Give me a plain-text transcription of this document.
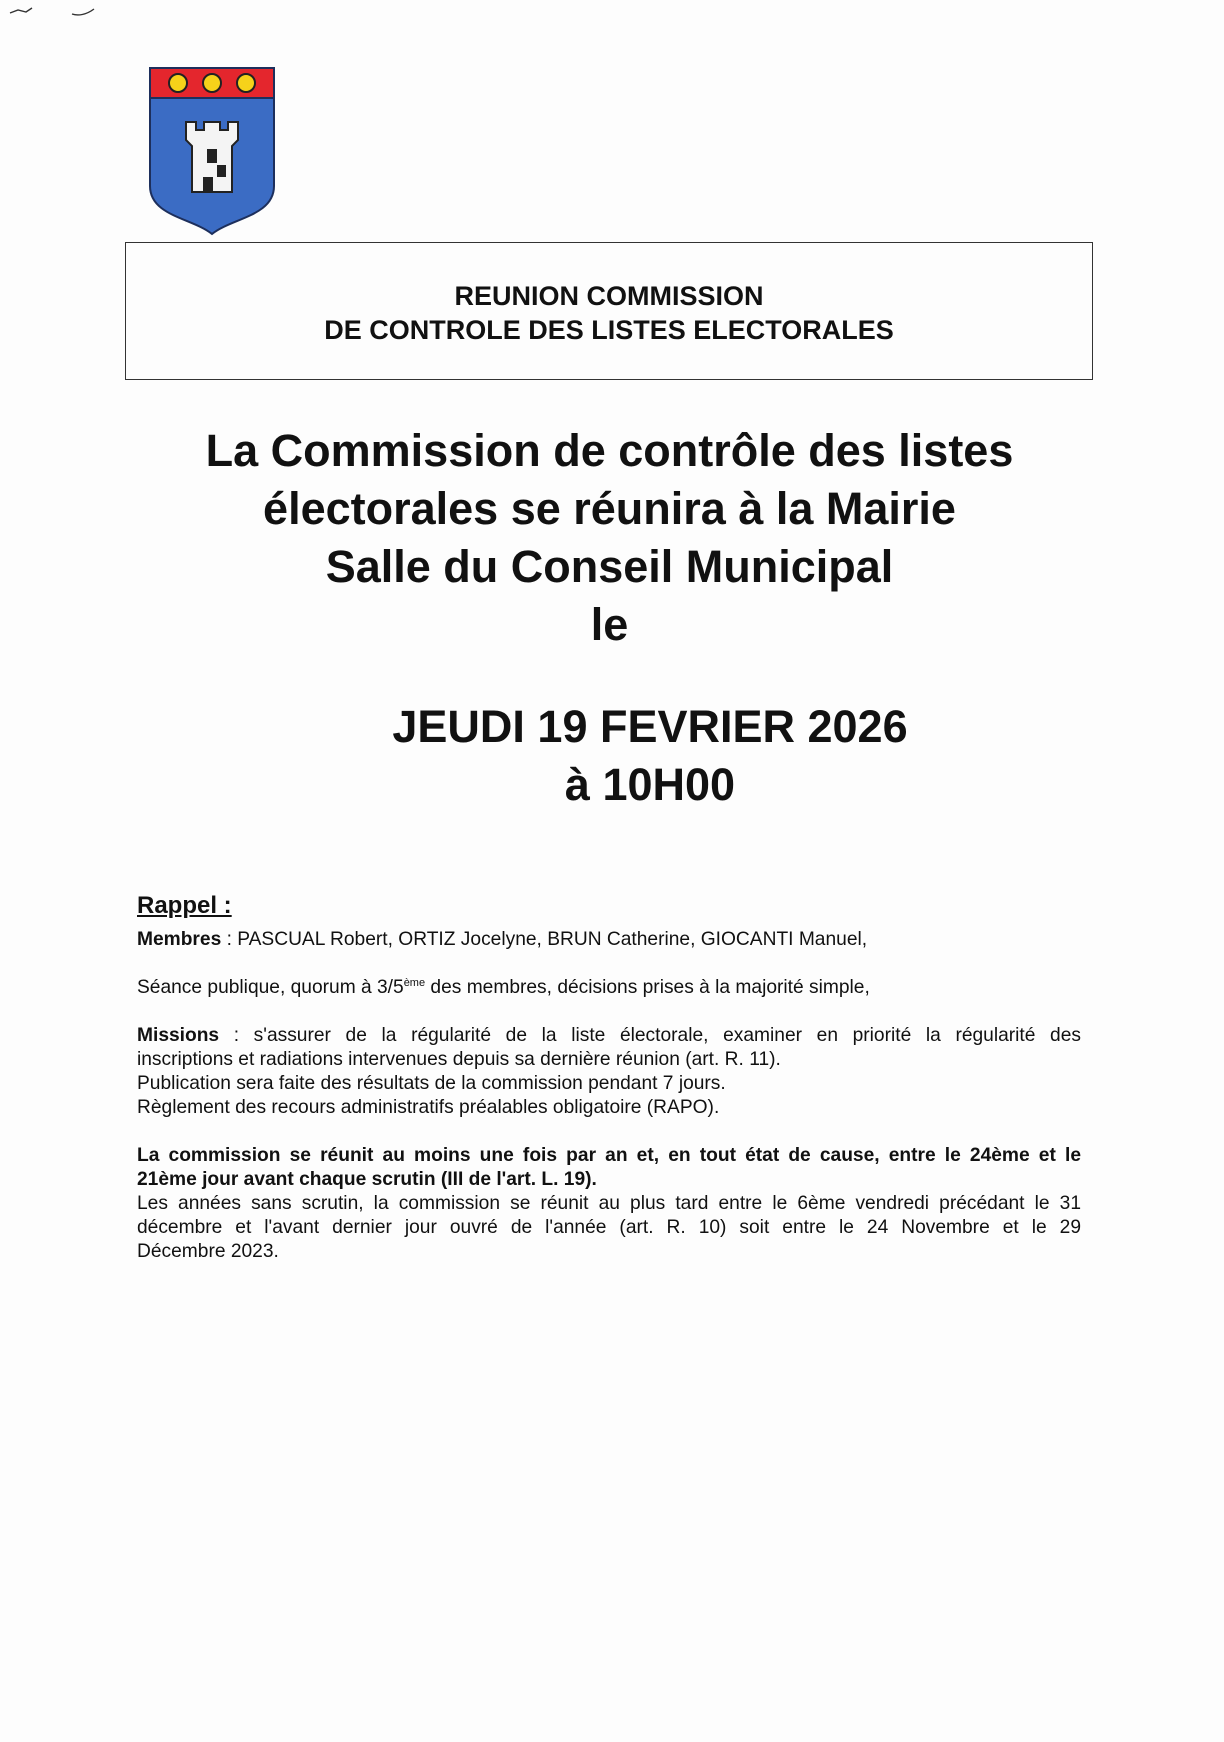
REUNION COMMISSION
DE CONTROLE DES LISTES ELECTORALES
La Commission de contrôle des listes
électorales se réunira à la Mairie
Salle du Conseil Municipal
le
JEUDI 19 FEVRIER 2026
à 10H00
Rappel :
Membres : PASCUAL Robert, ORTIZ Jocelyne, BRUN Catherine, GIOCANTI Manuel,
Séance publique, quorum à 3/5ème des membres, décisions prises à la majorité simple,
Missions : s'assurer de la régularité de la liste électorale, examiner en priorité la régularité des
inscriptions et radiations intervenues depuis sa dernière réunion (art. R. 11).
Publication sera faite des résultats de la commission pendant 7 jours.
Règlement des recours administratifs préalables obligatoire (RAPO).
La commission se réunit au moins une fois par an et, en tout état de cause, entre le 24ème et le
21ème jour avant chaque scrutin (III de l'art. L. 19).
Les années sans scrutin, la commission se réunit au plus tard entre le 6ème vendredi précédant le 31
décembre et l'avant dernier jour ouvré de l'année (art. R. 10) soit entre le 24 Novembre et le 29
Décembre 2023.
